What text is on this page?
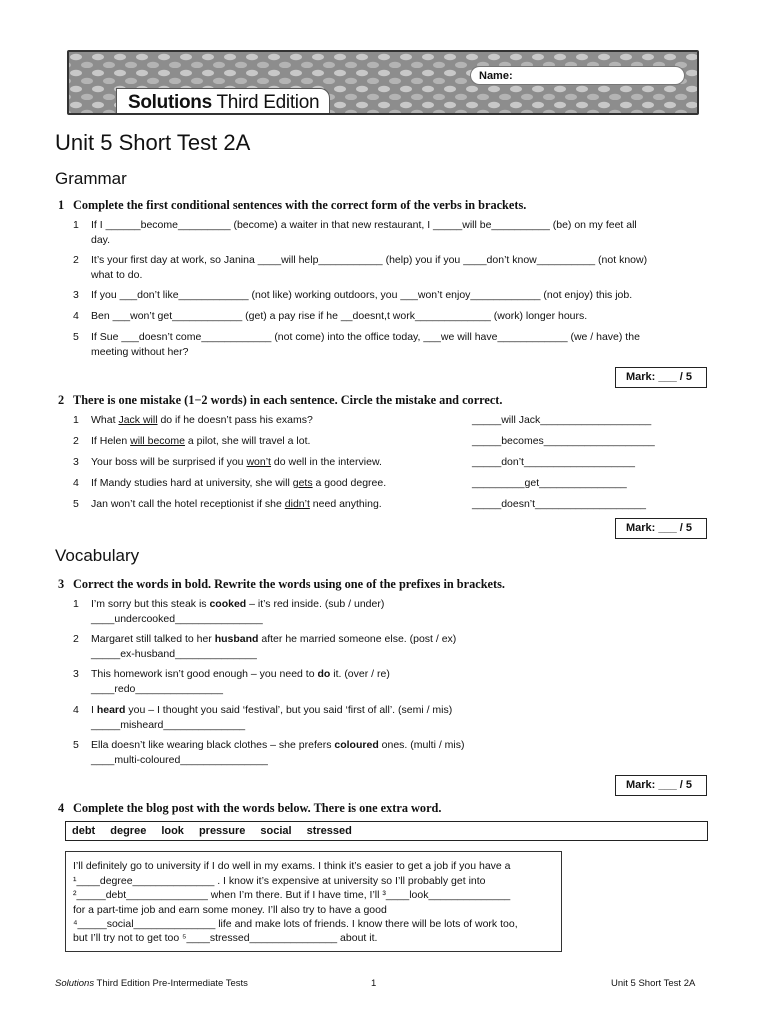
Name:
Solutions Third Edition
Unit 5 Short Test 2A
Grammar
1 Complete the first conditional sentences with the correct form of the verbs in brackets.
1 If I ______become_________ (become) a waiter in that new restaurant, I _____will be__________ (be) on my feet all
day.
2 It’s your first day at work, so Janina ____will help___________ (help) you if you ____don’t know__________ (not know)
what to do.
3 If you ___don’t like____________ (not like) working outdoors, you ___won’t enjoy____________ (not enjoy) this job.
4 Ben ___won’t get____________ (get) a pay rise if he __doesnt,t work_____________ (work) longer hours.
5 If Sue ___doesn’t come____________ (not come) into the office today, ___we will have____________ (we / have) the
meeting without her?
Mark: ___ / 5
2 There is one mistake (1−2 words) in each sentence. Circle the mistake and correct.
1 What Jack will do if he doesn’t pass his exams?	_____will Jack___________________
2 If Helen will become a pilot, she will travel a lot.	_____becomes___________________
3 Your boss will be surprised if you won’t do well in the interview.	_____don’t___________________
4 If Mandy studies hard at university, she will gets a good degree.	_________get_______________
5 Jan won’t call the hotel receptionist if she didn’t need anything.	_____doesn’t___________________
Mark: ___ / 5
Vocabulary
3 Correct the words in bold. Rewrite the words using one of the prefixes in brackets.
1 I’m sorry but this steak is cooked – it’s red inside. (sub / under)
____undercooked_______________
2 Margaret still talked to her husband after he married someone else. (post / ex)
_____ex-husband______________
3 This homework isn’t good enough – you need to do it. (over / re)
____redo_______________
4 I heard you – I thought you said ‘festival’, but you said ‘first of all’. (semi / mis)
_____misheard______________
5 Ella doesn’t like wearing black clothes – she prefers coloured ones. (multi / mis)
____multi-coloured_______________
Mark: ___ / 5
4 Complete the blog post with the words below. There is one extra word.
debt degree look pressure social stressed
I’ll definitely go to university if I do well in my exams. I think it’s easier to get a job if you have a
¹____degree______________ . I know it’s expensive at university so I’ll probably get into
²_____debt______________ when I’m there. But if I have time, I’ll ³____look______________
for a part-time job and earn some money. I’ll also try to have a good
⁴_____social______________ life and make lots of friends. I know there will be lots of work too,
but I’ll try not to get too ⁵____stressed_______________ about it.
Solutions Third Edition Pre-Intermediate Tests	1	Unit 5 Short Test 2A
